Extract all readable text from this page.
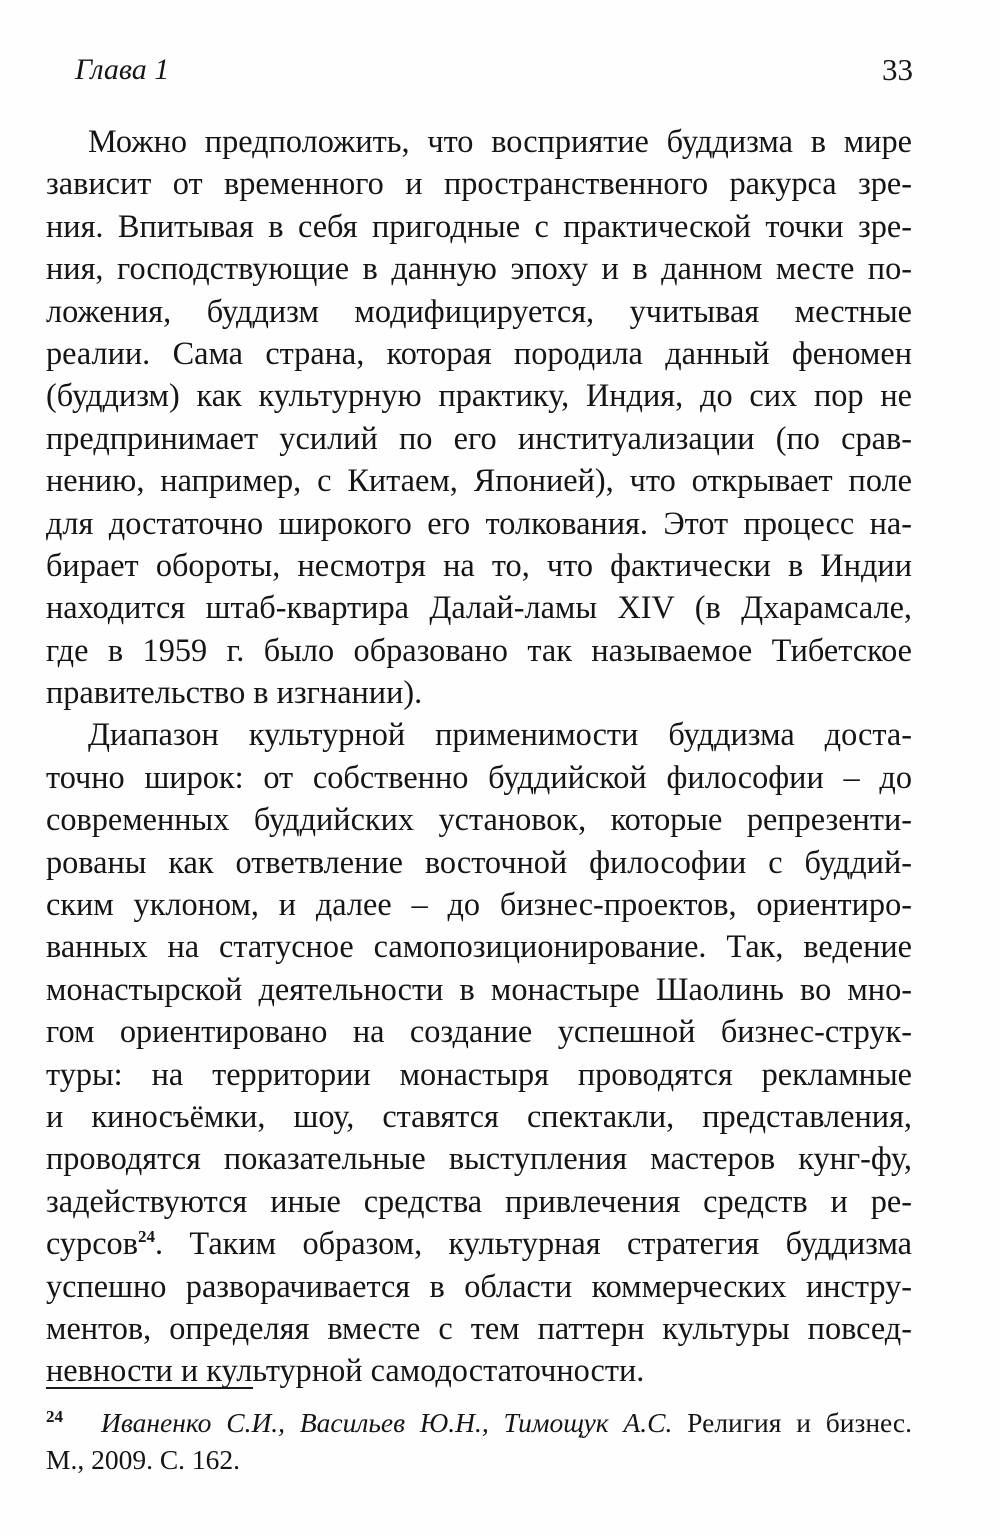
Глава 1	33

Можно предположить, что восприятие буддизма в мире
зависит от временного и пространственного ракурса зре-
ния. Впитывая в себя пригодные с практической точки зре-
ния, господствующие в данную эпоху и в данном месте по-
ложения, буддизм модифицируется, учитывая местные
реалии. Сама страна, которая породила данный феномен
(буддизм) как культурную практику, Индия, до сих пор не
предпринимает усилий по его институализации (по срав-
нению, например, с Китаем, Японией), что открывает поле
для достаточно широкого его толкования. Этот процесс на-
бирает обороты, несмотря на то, что фактически в Индии
находится штаб-квартира Далай-ламы XIV (в Дхарамсале,
где в 1959 г. было образовано так называемое Тибетское
правительство в изгнании).

Диапазон культурной применимости буддизма доста-
точно широк: от собственно буддийской философии – до
современных буддийских установок, которые репрезенти-
рованы как ответвление восточной философии с буддий-
ским уклоном, и далее – до бизнес-проектов, ориентиро-
ванных на статусное самопозиционирование. Так, ведение
монастырской деятельности в монастыре Шаолинь во мно-
гом ориентировано на создание успешной бизнес-струк-
туры: на территории монастыря проводятся рекламные
и киносъёмки, шоу, ставятся спектакли, представления,
проводятся показательные выступления мастеров кунг-фу,
задействуются иные средства привлечения средств и ре-
сурсов$^{24}$. Таким образом, культурная стратегия буддизма
успешно разворачивается в области коммерческих инстру-
ментов, определяя вместе с тем паттерн культуры повсед-
невности и культурной самодостаточности.

24 Иваненко С.И., Васильев Ю.Н., Тимощук А.С. Религия и бизнес.
М., 2009. С. 162.
